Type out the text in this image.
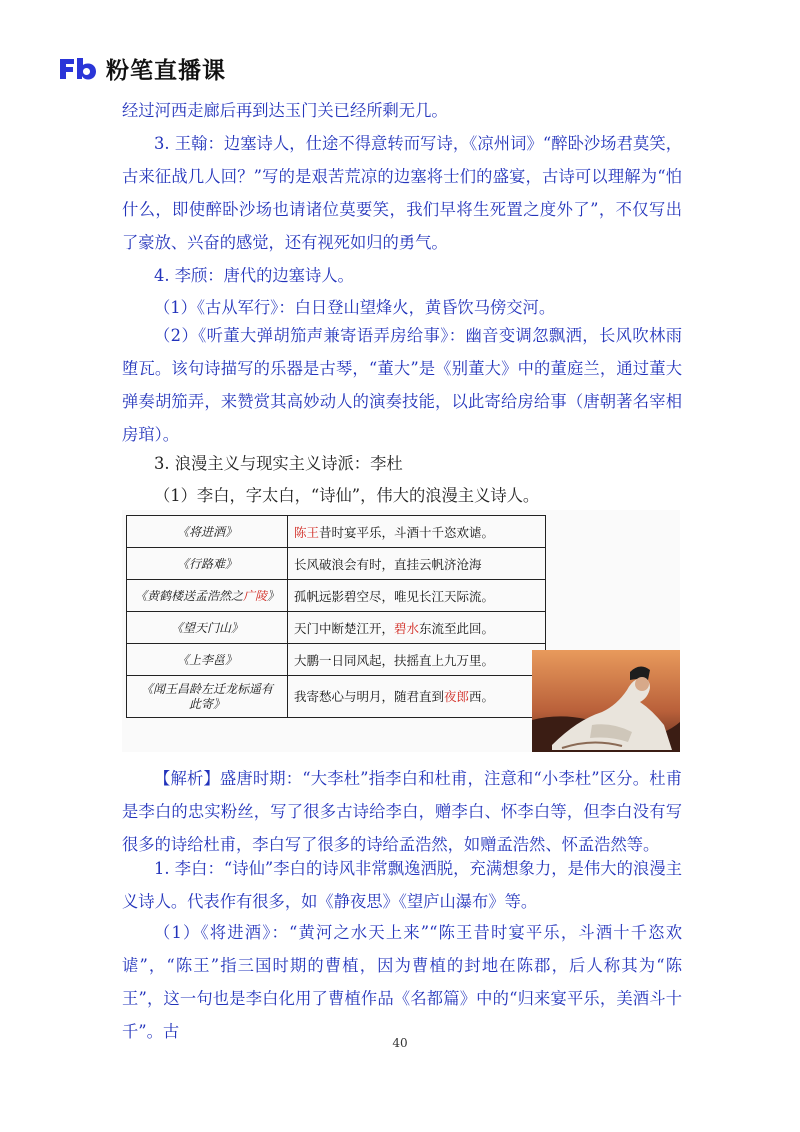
粉笔直播课
经过河西走廊后再到达玉门关已经所剩无几。
3. 王翰：边塞诗人，仕途不得意转而写诗，《凉州词》“醉卧沙场君莫笑，古来征战几人回？”写的是艰苦荒凉的边塞将士们的盛宴，古诗可以理解为“怕什么，即使醉卧沙场也请诸位莫要笑，我们早将生死置之度外了”，不仅写出了豪放、兴奋的感觉，还有视死如归的勇气。
4. 李颀：唐代的边塞诗人。
（1）《古从军行》：白日登山望烽火，黄昏饮马傍交河。
（2）《听董大弹胡笳声兼寄语弄房给事》：幽音变调忽飘洒，长风吹林雨堕瓦。该句诗描写的乐器是古琴，“董大”是《别董大》中的董庭兰，通过董大弹奏胡笳弄，来赞赏其高妙动人的演奏技能，以此寄给房给事（唐朝著名宰相房琯）。
3. 浪漫主义与现实主义诗派：李杜
（1）李白，字太白，“诗仙”，伟大的浪漫主义诗人。
《将进酒》	陈王昔时宴平乐，斗酒十千恣欢谑。
《行路难》	长风破浪会有时，直挂云帆济沧海
《黄鹤楼送孟浩然之广陵》	孤帆远影碧空尽，唯见长江天际流。
《望天门山》	天门中断楚江开，碧水东流至此回。
《上李邕》	大鹏一日同风起，扶摇直上九万里。
《闻王昌龄左迁龙标遥有
此寄》	我寄愁心与明月，随君直到夜郎西。
【解析】盛唐时期：“大李杜”指李白和杜甫，注意和“小李杜”区分。杜甫是李白的忠实粉丝，写了很多古诗给李白，赠李白、怀李白等，但李白没有写很多的诗给杜甫，李白写了很多的诗给孟浩然，如赠孟浩然、怀孟浩然等。
1. 李白：“诗仙”李白的诗风非常飘逸洒脱，充满想象力，是伟大的浪漫主义诗人。代表作有很多，如《静夜思》《望庐山瀑布》等。
（1）《将进酒》：“黄河之水天上来”“陈王昔时宴平乐，斗酒十千恣欢谑”，“陈王”指三国时期的曹植，因为曹植的封地在陈郡，后人称其为“陈王”，这一句也是李白化用了曹植作品《名都篇》中的“归来宴平乐，美酒斗十千”。古
40
